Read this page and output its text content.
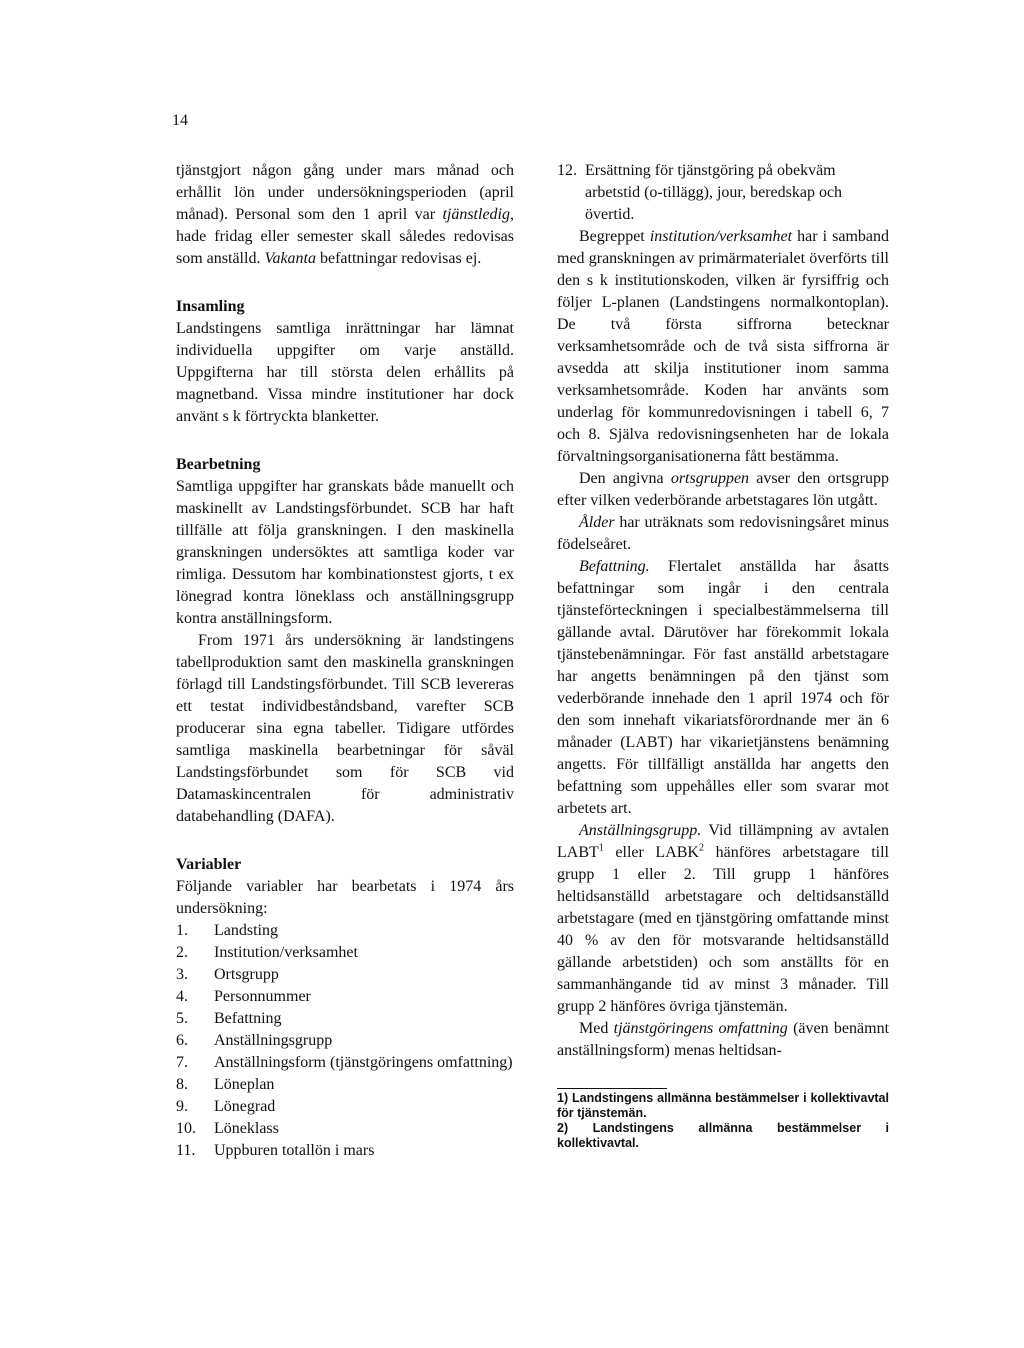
14

tjänstgjort någon gång under mars månad och erhållit lön under undersökningsperioden (april månad). Personal som den 1 april var tjänstledig, hade fridag eller semester skall således redovisas som anställd. Vakanta befattningar redovisas ej.

Insamling

Landstingens samtliga inrättningar har lämnat individuella uppgifter om varje anställd. Uppgifterna har till största delen erhållits på magnetband. Vissa mindre institutioner har dock använt s k förtryckta blanketter.

Bearbetning

Samtliga uppgifter har granskats både manuellt och maskinellt av Landstingsförbundet. SCB har haft tillfälle att följa granskningen. I den maskinella granskningen undersöktes att samtliga koder var rimliga. Dessutom har kombinationstest gjorts, t ex lönegrad kontra löneklass och anställningsgrupp kontra anställningsform.

From 1971 års undersökning är landstingens tabellproduktion samt den maskinella granskningen förlagd till Landstingsförbundet. Till SCB levereras ett testat individbeståndsband, varefter SCB producerar sina egna tabeller. Tidigare utfördes samtliga maskinella bearbetningar för såväl Landstingsförbundet som för SCB vid Datamaskincentralen för administrativ databehandling (DAFA).

Variabler

Följande variabler har bearbetats i 1974 års undersökning:

1.	Landsting
2.	Institution/verksamhet
3.	Ortsgrupp
4.	Personnummer
5.	Befattning
6.	Anställningsgrupp
7.	Anställningsform (tjänstgöringens omfattning)
8.	Löneplan
9.	Lönegrad
10.	Löneklass
11.	Uppburen totallön i mars
12. Ersättning för tjänstgöring på obekväm arbetstid (o-tillägg), jour, beredskap och övertid.

Begreppet institution/verksamhet har i samband med granskningen av primärmaterialet överförts till den s k institutionskoden, vilken är fyrsiffrig och följer L-planen (Landstingens normalkontoplan). De två första siffrorna betecknar verksamhetsområde och de två sista siffrorna är avsedda att skilja institutioner inom samma verksamhetsområde. Koden har använts som underlag för kommunredovisningen i tabell 6, 7 och 8. Själva redovisningsenheten har de lokala förvaltningsorganisationerna fått bestämma.

Den angivna ortsgruppen avser den ortsgrupp efter vilken vederbörande arbetstagares lön utgått.

Ålder har uträknats som redovisningsåret minus födelseåret.

Befattning. Flertalet anställda har åsatts befattningar som ingår i den centrala tjänsteförteckningen i specialbestämmelserna till gällande avtal. Därutöver har förekommit lokala tjänstebenämningar. För fast anställd arbetstagare har angetts benämningen på den tjänst som vederbörande innehade den 1 april 1974 och för den som innehaft vikariatsförordnande mer än 6 månader (LABT) har vikarietjänstens benämning angetts. För tillfälligt anställda har angetts den befattning som uppehålles eller som svarar mot arbetets art.

Anställningsgrupp. Vid tillämpning av avtalen LABT$^1$ eller LABK$^2$ hänföres arbetstagare till grupp 1 eller 2. Till grupp 1 hänföres heltidsanställd arbetstagare och deltidsanställd arbetstagare (med en tjänstgöring omfattande minst 40 % av den för motsvarande heltidsanställd gällande arbetstiden) och som anställts för en sammanhängande tid av minst 3 månader. Till grupp 2 hänföres övriga tjänstemän.

Med tjänstgöringens omfattning (även benämnt anställningsform) menas heltidsan-

1) Landstingens allmänna bestämmelser i kollektivavtal för tjänstemän.

2) Landstingens allmänna bestämmelser i kollektivavtal.
